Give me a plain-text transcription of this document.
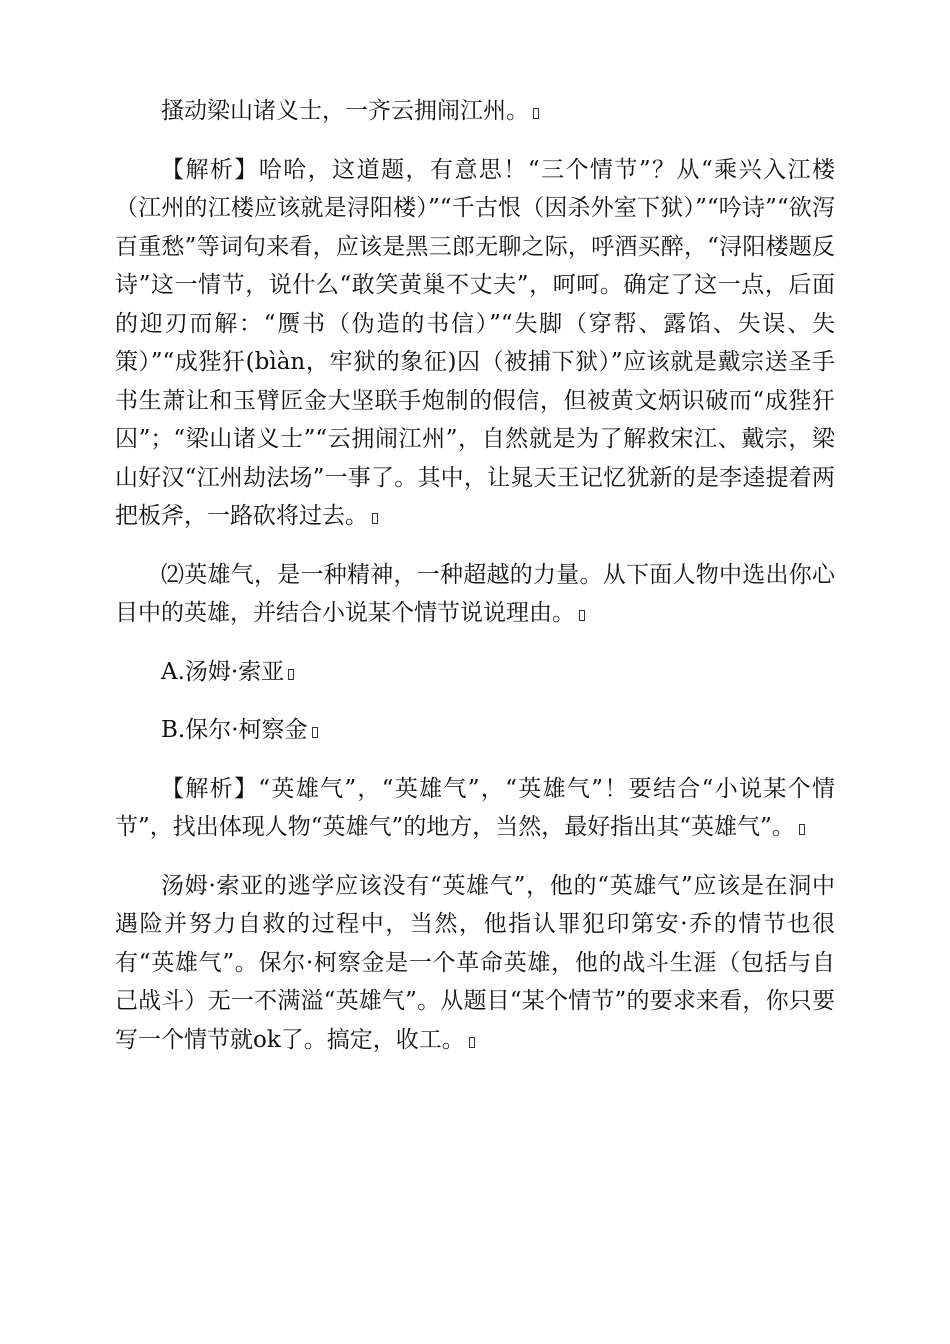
搔动梁山诸义士，一齐云拥闹江州。

【解析】哈哈，这道题，有意思！“三个情节”？从“乘兴入江楼（江州的江楼应该就是浔阳楼）”“千古恨（因杀外室下狱）”“吟诗”“欲泻百重愁”等词句来看，应该是黑三郎无聊之际，呼酒买醉，“浔阳楼题反诗”这一情节，说什么“敢笑黄巢不丈夫”，呵呵。确定了这一点，后面的迎刃而解：“赝书（伪造的书信）”“失脚（穿帮、露馅、失误、失策）”“成狴犴(bìàn，牢狱的象征)囚（被捕下狱）”应该就是戴宗送圣手书生萧让和玉臂匠金大坚联手炮制的假信，但被黄文炳识破而“成狴犴囚”；“梁山诸义士”“云拥闹江州”，自然就是为了解救宋江、戴宗，梁山好汉“江州劫法场”一事了。其中，让晁天王记忆犹新的是李逵提着两把板斧，一路砍将过去。

⑵英雄气，是一种精神，一种超越的力量。从下面人物中选出你心目中的英雄，并结合小说某个情节说说理由。

A.汤姆·索亚

B.保尔·柯察金

【解析】“英雄气”，“英雄气”，“英雄气”！要结合“小说某个情节”，找出体现人物“英雄气”的地方，当然，最好指出其“英雄气”。

汤姆·索亚的逃学应该没有“英雄气”，他的“英雄气”应该是在洞中遇险并努力自救的过程中，当然，他指认罪犯印第安·乔的情节也很有“英雄气”。保尔·柯察金是一个革命英雄，他的战斗生涯（包括与自己战斗）无一不满溢“英雄气”。从题目“某个情节”的要求来看，你只要写一个情节就ok了。搞定，收工。
